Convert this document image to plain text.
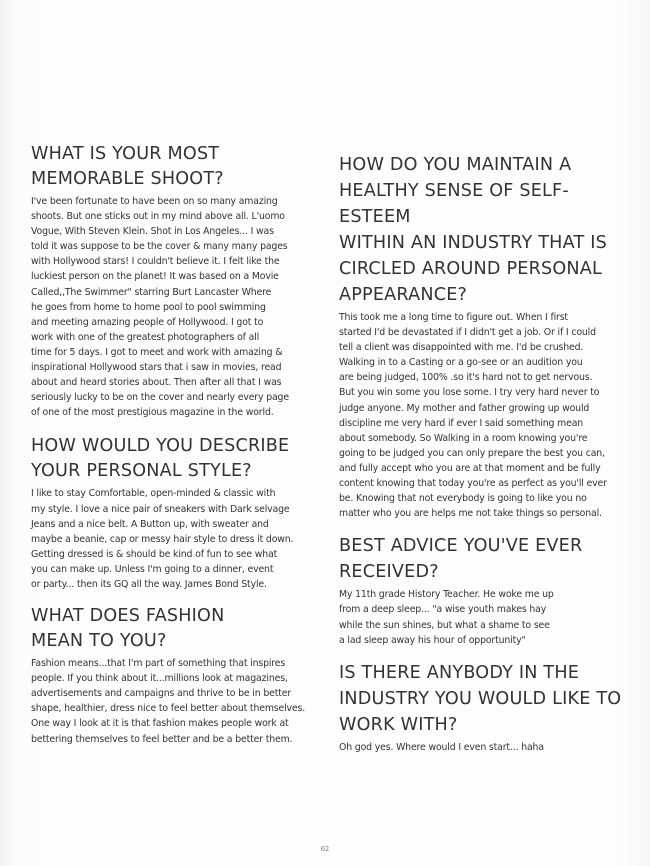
WHAT IS YOUR MOST
MEMORABLE SHOOT?

I've been fortunate to have been on so many amazing
shoots. But one sticks out in my mind above all. L'uomo
Vogue, With Steven Klein. Shot in Los Angeles... I was
told it was suppose to be the cover & many many pages
with Hollywood stars! I couldn't believe it. I felt like the
luckiest person on the planet! It was based on a Movie
Called,,The Swimmer" starring Burt Lancaster Where
he goes from home to home pool to pool swimming
and meeting amazing people of Hollywood. I got to
work with one of the greatest photographers of all
time for 5 days. I got to meet and work with amazing &
inspirational Hollywood stars that i saw in movies, read
about and heard stories about. Then after all that I was
seriously lucky to be on the cover and nearly every page
of one of the most prestigious magazine in the world.

HOW WOULD YOU DESCRIBE
YOUR PERSONAL STYLE?

I like to stay Comfortable, open-minded & classic with
my style. I love a nice pair of sneakers with Dark selvage
Jeans and a nice belt. A Button up, with sweater and
maybe a beanie, cap or messy hair style to dress it down.
Getting dressed is & should be kind of fun to see what
you can make up. Unless I'm going to a dinner, event
or party... then its GQ all the way. James Bond Style.

WHAT DOES FASHION
MEAN TO YOU?

Fashion means...that I'm part of something that inspires
people. If you think about it...millions look at magazines,
advertisements and campaigns and thrive to be in better
shape, healthier, dress nice to feel better about themselves.
One way I look at it is that fashion makes people work at
bettering themselves to feel better and be a better them.

HOW DO YOU MAINTAIN A
HEALTHY SENSE OF SELF-ESTEEM
WITHIN AN INDUSTRY THAT IS
CIRCLED AROUND PERSONAL
APPEARANCE?

This took me a long time to figure out. When I first
started I'd be devastated if I didn't get a job. Or if I could
tell a client was disappointed with me. I'd be crushed.
Walking in to a Casting or a go-see or an audition you
are being judged, 100% .so it's hard not to get nervous.
But you win some you lose some. I try very hard never to
judge anyone. My mother and father growing up would
discipline me very hard if ever I said something mean
about somebody. So Walking in a room knowing you're
going to be judged you can only prepare the best you can,
and fully accept who you are at that moment and be fully
content knowing that today you're as perfect as you'll ever
be. Knowing that not everybody is going to like you no
matter who you are helps me not take things so personal.

BEST ADVICE YOU'VE EVER
RECEIVED?

My 11th grade History Teacher. He woke me up
from a deep sleep... "a wise youth makes hay
while the sun shines, but what a shame to see
a lad sleep away his hour of opportunity"

IS THERE ANYBODY IN THE
INDUSTRY YOU WOULD LIKE TO
WORK WITH?

Oh god yes. Where would I even start... haha

62
